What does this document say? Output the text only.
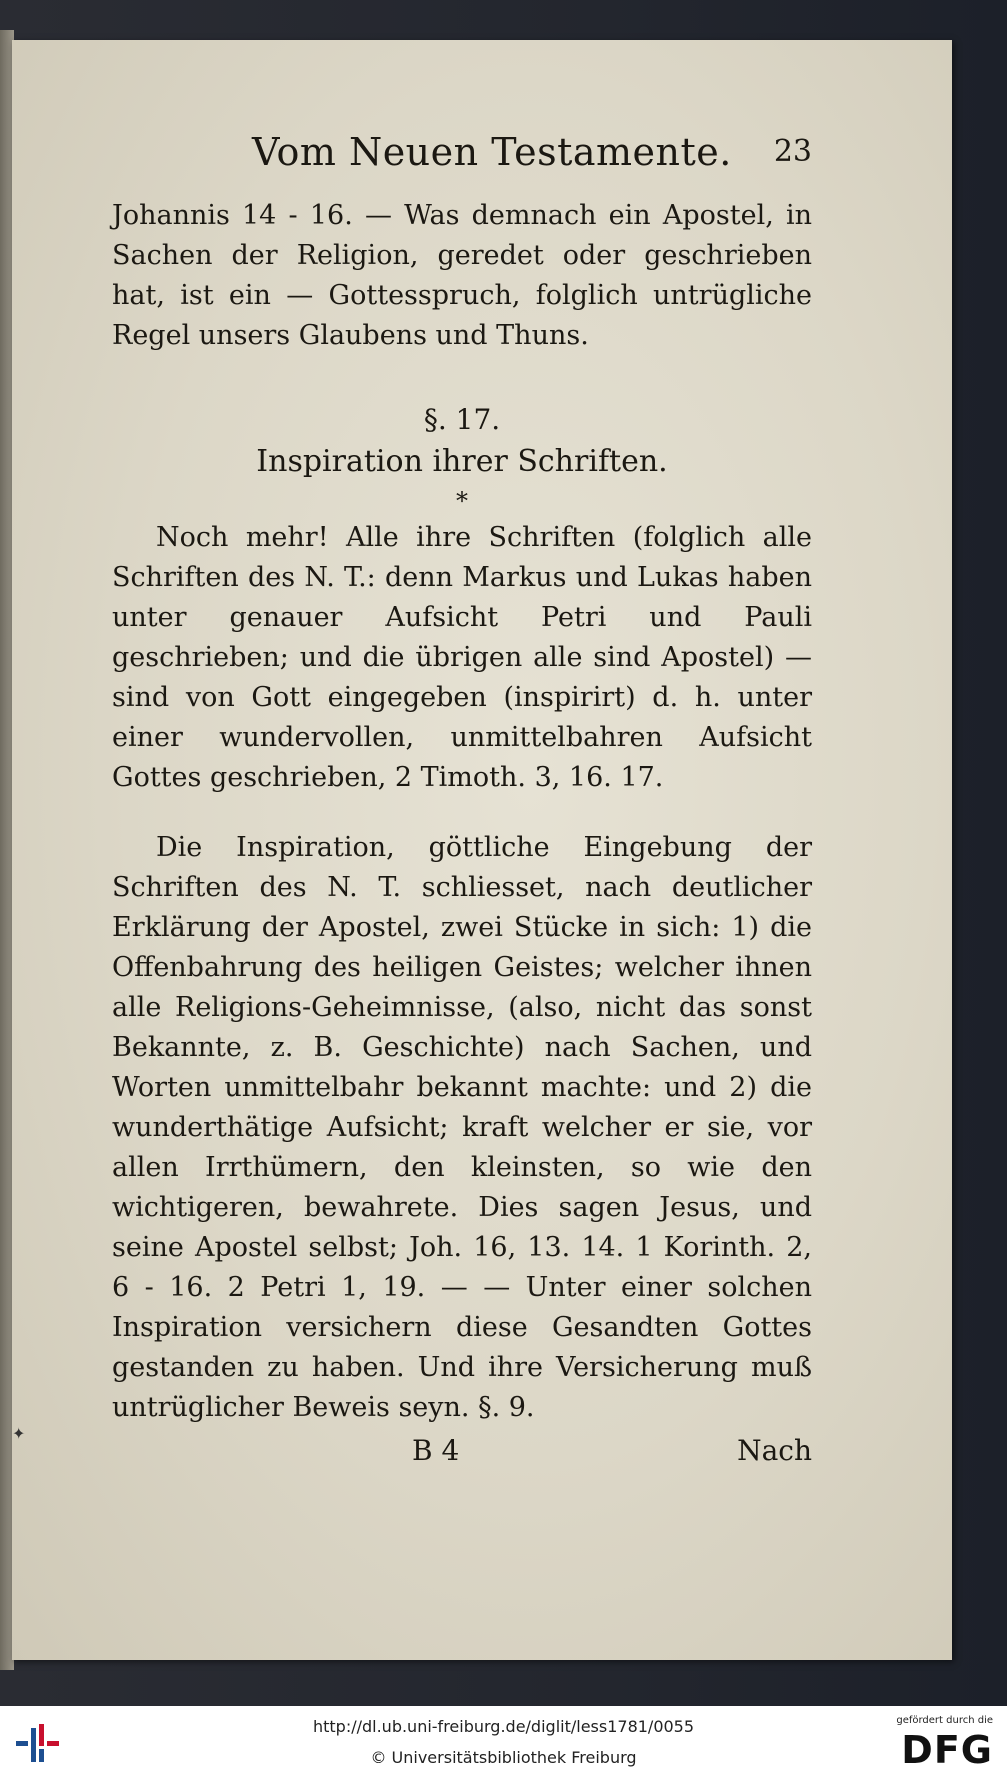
Vom Neuen Testamente. 23

Johannis 14 - 16. — Was demnach ein Apostel, in Sachen der Religion, geredet oder geschrieben hat, ist ein — Gottesspruch, folglich untrügliche Regel unsers Glaubens und Thuns.

§. 17.
Inspiration ihrer Schriften.
*

Noch mehr! Alle ihre Schriften (folglich alle Schriften des N. T.: denn Markus und Lukas haben unter genauer Aufsicht Petri und Pauli geschrieben; und die übrigen alle sind Apostel) — sind von Gott eingegeben (inspirirt) d. h. unter einer wundervollen, unmittelbahren Aufsicht Gottes geschrieben, 2 Timoth. 3, 16. 17.

Die Inspiration, göttliche Eingebung der Schriften des N. T. schliesset, nach deutlicher Erklärung der Apostel, zwei Stücke in sich: 1) die Offenbahrung des heiligen Geistes; welcher ihnen alle Religions-Geheimnisse, (also, nicht das sonst Bekannte, z. B. Geschichte) nach Sachen, und Worten unmittelbahr bekannt machte: und 2) die wunderthätige Aufsicht; kraft welcher er sie, vor allen Irrthümern, den kleinsten, so wie den wichtigeren, bewahrete. Dies sagen Jesus, und seine Apostel selbst; Joh. 16, 13. 14. 1 Korinth. 2, 6 - 16. 2 Petri 1, 19. — — Unter einer solchen Inspiration versichern diese Gesandten Gottes gestanden zu haben. Und ihre Versicherung muß untrüglicher Beweis seyn. §. 9.

B 4	Nach
✦
http://dl.ub.uni-freiburg.de/diglit/less1781/0055
© Universitätsbibliothek Freiburg
gefördert durch die
DFG
